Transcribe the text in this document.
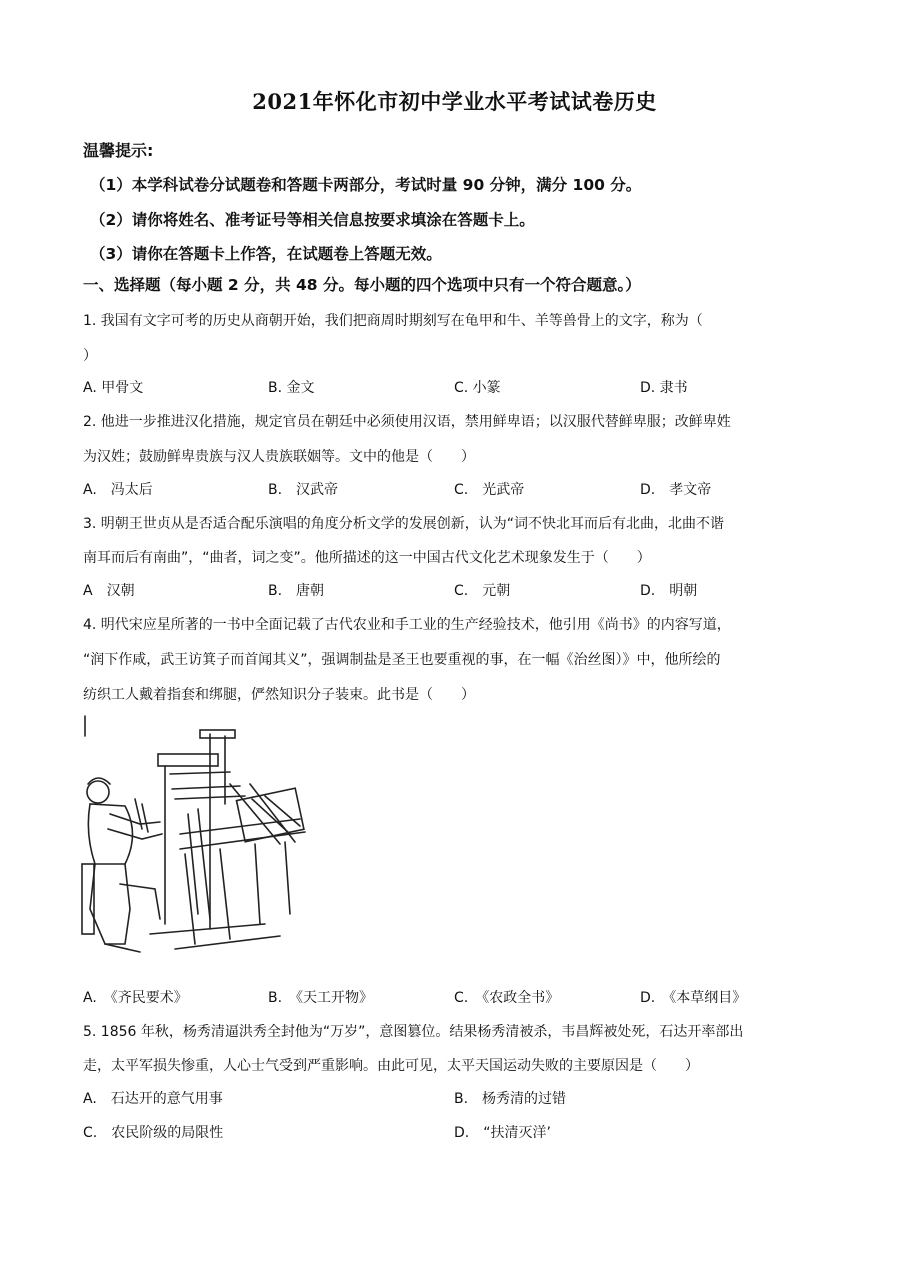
2021年怀化市初中学业水平考试试卷历史
温馨提示:
（1）本学科试卷分试题卷和答题卡两部分，考试时量 90 分钟，满分 100 分。
（2）请你将姓名、准考证号等相关信息按要求填涂在答题卡上。
（3）请你在答题卡上作答，在试题卷上答题无效。
一、选择题（每小题 2 分，共 48 分。每小题的四个选项中只有一个符合题意。）
1. 我国有文字可考的历史从商朝开始，我们把商周时期刻写在龟甲和牛、羊等兽骨上的文字，称为（
）
A. 甲骨文	B. 金文	C. 小篆	D. 隶书
2. 他进一步推进汉化措施，规定官员在朝廷中必须使用汉语，禁用鲜卑语；以汉服代替鲜卑服；改鲜卑姓
为汉姓；鼓励鲜卑贵族与汉人贵族联姻等。文中的他是（　　）
A.　冯太后	B.　汉武帝	C.　光武帝	D.　孝文帝
3. 明朝王世贞从是否适合配乐演唱的角度分析文学的发展创新，认为“词不快北耳而后有北曲，北曲不谐
南耳而后有南曲”，“曲者，词之变”。他所描述的这一中国古代文化艺术现象发生于（　　）
A　汉朝	B.　唐朝	C.　元朝	D.　明朝
4. 明代宋应星所著的一书中全面记载了古代农业和手工业的生产经验技术，他引用《尚书》的内容写道，
“润下作咸，武王访箕子而首闻其义”，强调制盐是圣王也要重视的事，在一幅《治丝图）》中，他所绘的
纺织工人戴着指套和绑腿，俨然知识分子装束。此书是（　　）
A.　《齐民要术》	B.　《天工开物》	C.　《农政全书》	D.　《本草纲目》
5. 1856 年秋，杨秀清逼洪秀全封他为“万岁”，意图篡位。结果杨秀清被杀，韦昌辉被处死，石达开率部出
走，太平军损失惨重，人心士气受到严重影响。由此可见，太平天国运动失败的主要原因是（　　）
A.　石达开的意气用事	B.　杨秀清的过错
C.　农民阶级的局限性	D.　“扶清灭洋’
